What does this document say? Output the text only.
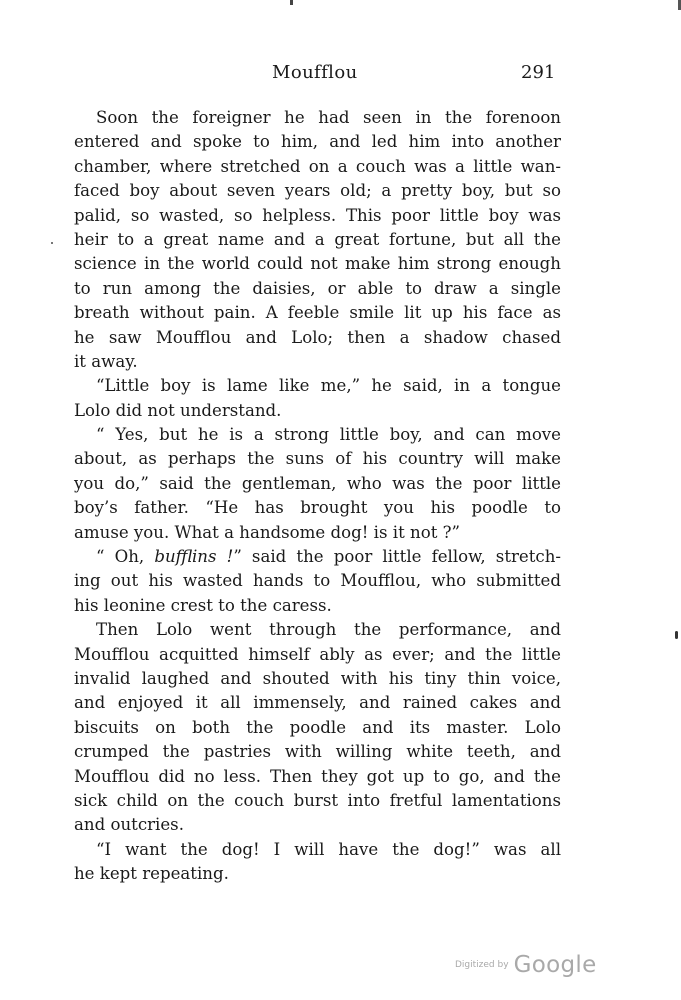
Moufflou	291
Soon the foreigner he had seen in the forenoon
entered and spoke to him, and led him into another
chamber, where stretched on a couch was a little wan-
faced boy about seven years old; a pretty boy, but so
palid, so wasted, so helpless. This poor little boy was
heir to a great name and a great fortune, but all the
science in the world could not make him strong enough
to run among the daisies, or able to draw a single
breath without pain. A feeble smile lit up his face as
he saw Moufflou and Lolo; then a shadow chased
it away.
“Little boy is lame like me,” he said, in a tongue
Lolo did not understand.
“ Yes, but he is a strong little boy, and can move
about, as perhaps the suns of his country will make
you do,” said the gentleman, who was the poor little
boy’s father. “He has brought you his poodle to
amuse you. What a handsome dog! is it not ?”
“ Oh, bufflins !” said the poor little fellow, stretch-
ing out his wasted hands to Moufflou, who submitted
his leonine crest to the caress.
Then Lolo went through the performance, and
Moufflou acquitted himself ably as ever; and the little
invalid laughed and shouted with his tiny thin voice,
and enjoyed it all immensely, and rained cakes and
biscuits on both the poodle and its master. Lolo
crumped the pastries with willing white teeth, and
Moufflou did no less. Then they got up to go, and the
sick child on the couch burst into fretful lamentations
and outcries.
“I want the dog! I will have the dog!” was all
he kept repeating.
Digitized by Google
